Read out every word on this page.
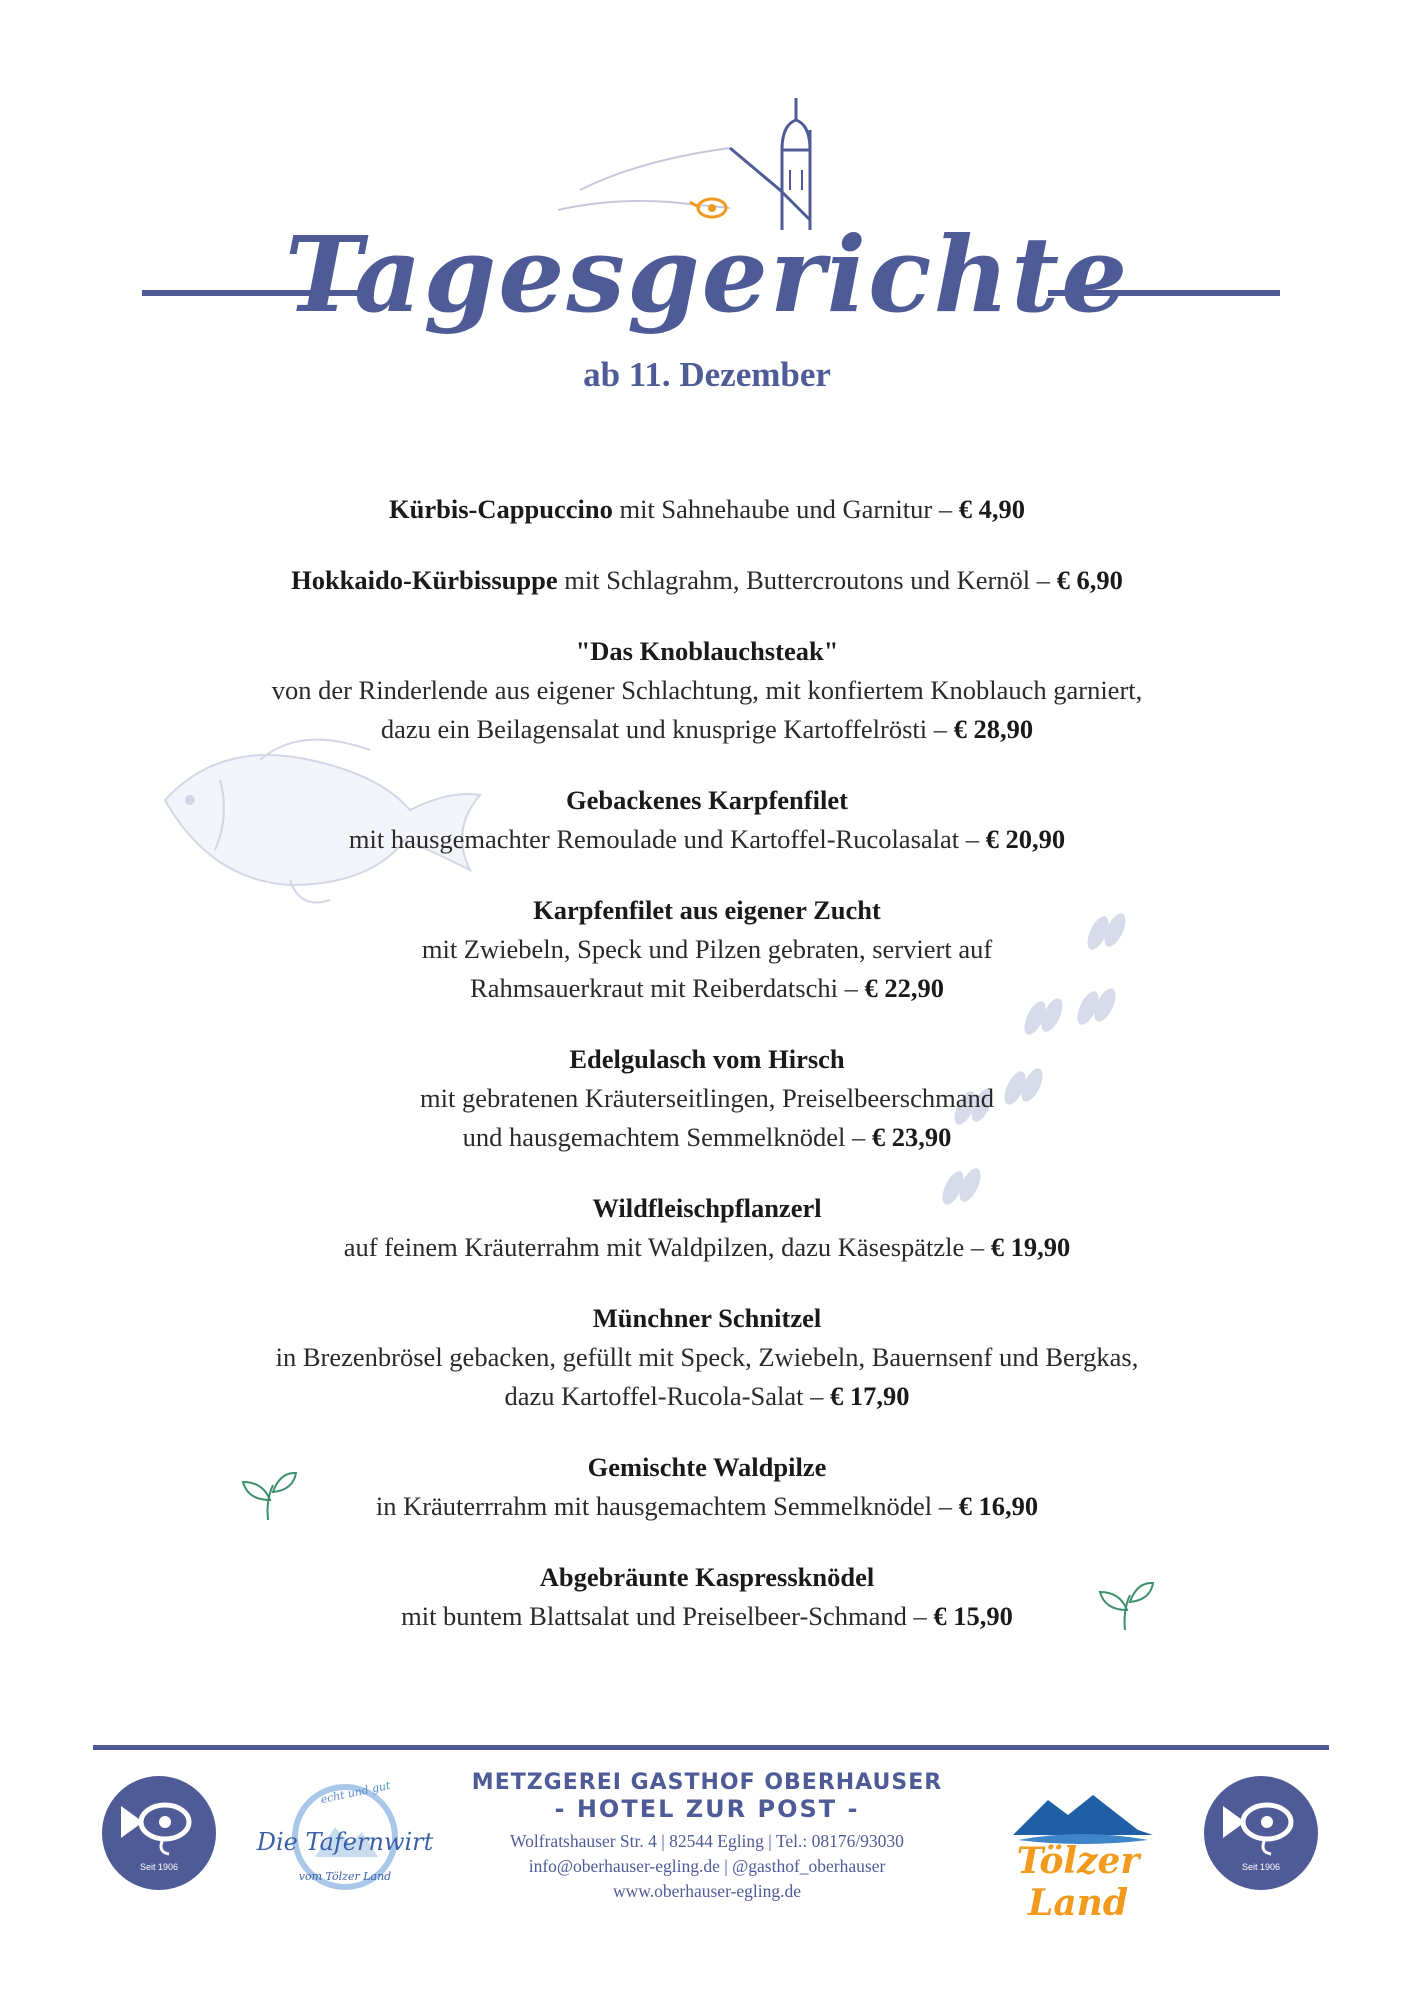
Tagesgerichte
ab 11. Dezember
Kürbis-Cappuccino mit Sahnehaube und Garnitur – € 4,90
Hokkaido-Kürbissuppe mit Schlagrahm, Buttercroutons und Kernöl – € 6,90
"Das Knoblauchsteak"
von der Rinderlende aus eigener Schlachtung, mit konfiertem Knoblauch garniert,
dazu ein Beilagensalat und knusprige Kartoffelrösti – € 28,90
Gebackenes Karpfenfilet
mit hausgemachter Remoulade und Kartoffel-Rucolasalat – € 20,90
Karpfenfilet aus eigener Zucht
mit Zwiebeln, Speck und Pilzen gebraten, serviert auf
Rahmsauerkraut mit Reiberdatschi – € 22,90
Edelgulasch vom Hirsch
mit gebratenen Kräuterseitlingen, Preiselbeerschmand
und hausgemachtem Semmelknödel – € 23,90
Wildfleischpflanzerl
auf feinem Kräuterrahm mit Waldpilzen, dazu Käsespätzle – € 19,90
Münchner Schnitzel
in Brezenbrösel gebacken, gefüllt mit Speck, Zwiebeln, Bauernsenf und Bergkas,
dazu Kartoffel-Rucola-Salat – € 17,90
Gemischte Waldpilze
in Kräuterrrahm mit hausgemachtem Semmelknödel – € 16,90
Abgebräunte Kaspressknödel
mit buntem Blattsalat und Preiselbeer-Schmand – € 15,90
Seit 1906
echt und gut
Die Tafernwirt
vom Tölzer Land
METZGEREI GASTHOF OBERHAUSER
- HOTEL ZUR POST -
Wolfratshauser Str. 4 | 82544 Egling | Tel.: 08176/93030
info@oberhauser-egling.de | @gasthof_oberhauser
www.oberhauser-egling.de
Tölzer Land
Seit 1906
